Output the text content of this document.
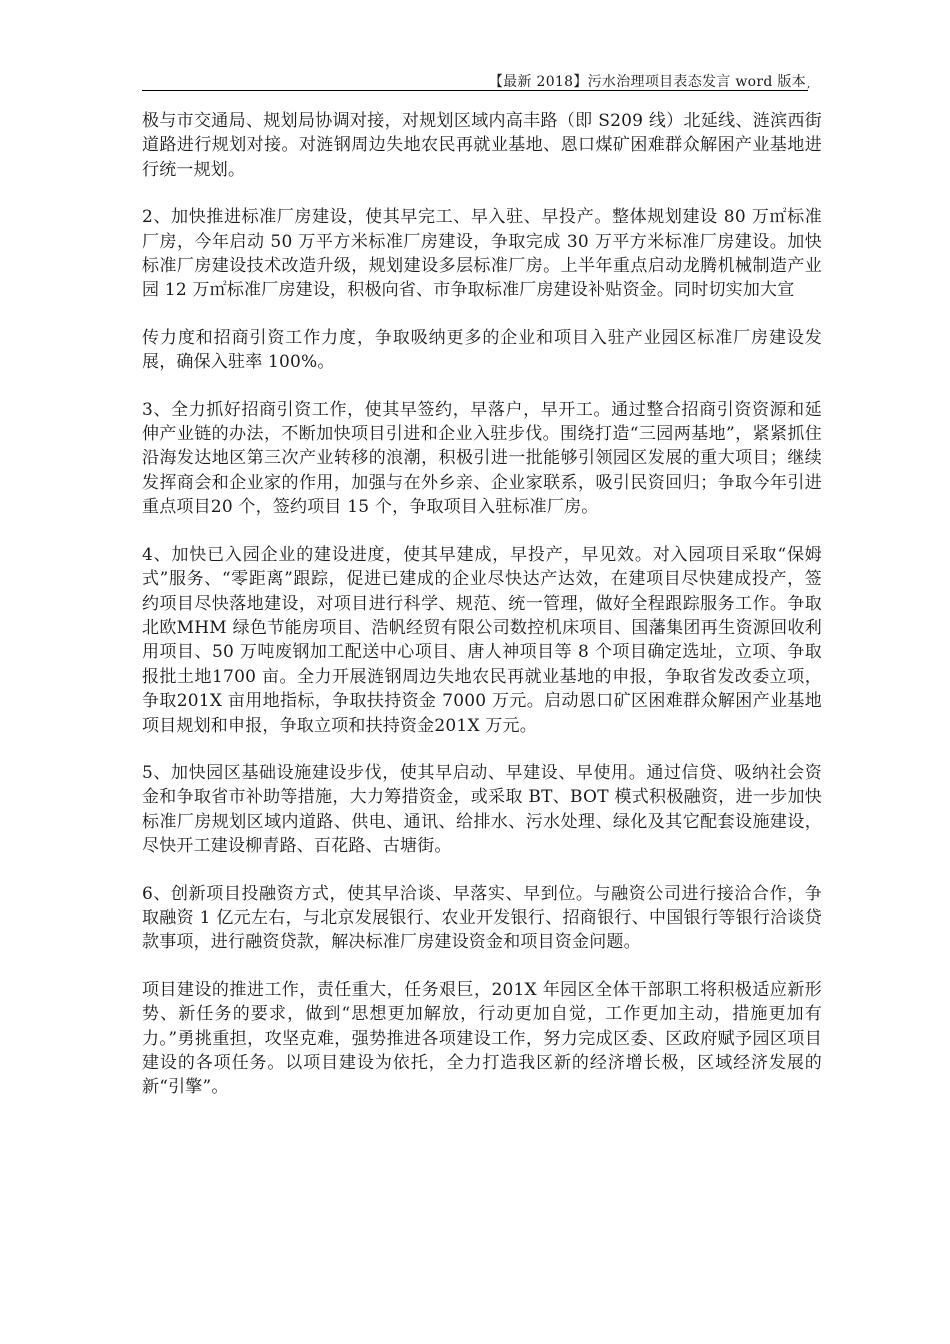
【最新 2018】污水治理项目表态发言 word 版本 ,

极与市交通局、规划局协调对接，对规划区域内高丰路（即 S209 线）北延线、涟滨西街道路进行规划对接。对涟钢周边失地农民再就业基地、恩口煤矿困难群众解困产业基地进行统一规划。

2、加快推进标准厂房建设，使其早完工、早入驻、早投产。整体规划建设 80 万㎡标准厂房，今年启动 50 万平方米标准厂房建设，争取完成 30 万平方米标准厂房建设。加快标准厂房建设技术改造升级，规划建设多层标准厂房。上半年重点启动龙腾机械制造产业园 12 万㎡标准厂房建设，积极向省、市争取标准厂房建设补贴资金。同时切实加大宣

传力度和招商引资工作力度，争取吸纳更多的企业和项目入驻产业园区标准厂房建设发展，确保入驻率 100%。

3、全力抓好招商引资工作，使其早签约，早落户，早开工。通过整合招商引资资源和延伸产业链的办法，不断加快项目引进和企业入驻步伐。围绕打造“三园两基地”，紧紧抓住沿海发达地区第三次产业转移的浪潮，积极引进一批能够引领园区发展的重大项目；继续发挥商会和企业家的作用，加强与在外乡亲、企业家联系，吸引民资回归；争取今年引进重点项目20 个，签约项目 15 个，争取项目入驻标准厂房。

4、加快已入园企业的建设进度，使其早建成，早投产，早见效。对入园项目采取“保姆式”服务、“零距离”跟踪，促进已建成的企业尽快达产达效，在建项目尽快建成投产，签约项目尽快落地建设，对项目进行科学、规范、统一管理，做好全程跟踪服务工作。争取北欧MHM 绿色节能房项目、浩帆经贸有限公司数控机床项目、国藩集团再生资源回收利用项目、50 万吨废钢加工配送中心项目、唐人神项目等 8 个项目确定选址，立项、争取报批土地1700 亩。全力开展涟钢周边失地农民再就业基地的申报，争取省发改委立项，争取201X 亩用地指标，争取扶持资金 7000 万元。启动恩口矿区困难群众解困产业基地项目规划和申报，争取立项和扶持资金201X 万元。

5、加快园区基础设施建设步伐，使其早启动、早建设、早使用。通过信贷、吸纳社会资金和争取省市补助等措施，大力筹措资金，或采取 BT、BOT 模式积极融资，进一步加快标准厂房规划区域内道路、供电、通讯、给排水、污水处理、绿化及其它配套设施建设，尽快开工建设柳青路、百花路、古塘街。

6、创新项目投融资方式，使其早洽谈、早落实、早到位。与融资公司进行接洽合作，争取融资 1 亿元左右，与北京发展银行、农业开发银行、招商银行、中国银行等银行洽谈贷款事项，进行融资贷款，解决标准厂房建设资金和项目资金问题。

项目建设的推进工作，责任重大，任务艰巨，201X 年园区全体干部职工将积极适应新形势、新任务的要求，做到“思想更加解放，行动更加自觉，工作更加主动，措施更加有力。”勇挑重担，攻坚克难，强势推进各项建设工作，努力完成区委、区政府赋予园区项目建设的各项任务。以项目建设为依托，全力打造我区新的经济增长极，区域经济发展的新“引擎”。
